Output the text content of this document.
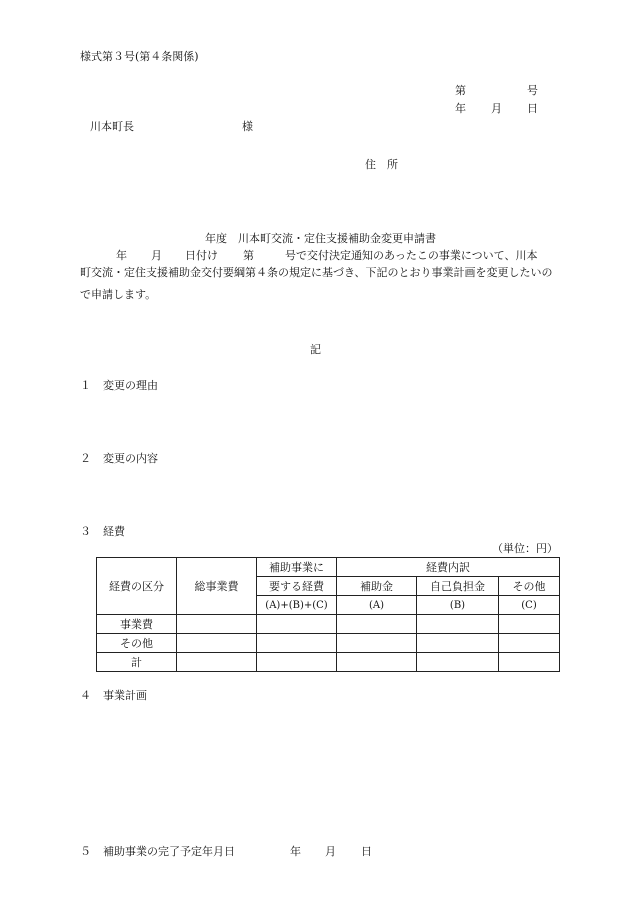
様式第３号(第４条関係)
第	号
年 月 日
川本町長	様
住　所
年度　川本町交流・定住支援補助金変更申請書
年 月 日付け 第	号で交付決定通知のあったこの事業について、川本
町交流・定住支援補助金交付要綱第４条の規定に基づき、下記のとおり事業計画を変更したいので申請します。
記
１ 変更の理由
２ 変更の内容
３ 経費
（単位：円）
経費の区分	総事業費	補助事業に	経費内訳		
		要する経費	補助金	自己負担金	その他
		(A)+(B)+(C)	(A)	(B)	(C)
事業費					
その他					
計					
４ 事業計画
５ 補助事業の完了予定年月日	年 月 日
